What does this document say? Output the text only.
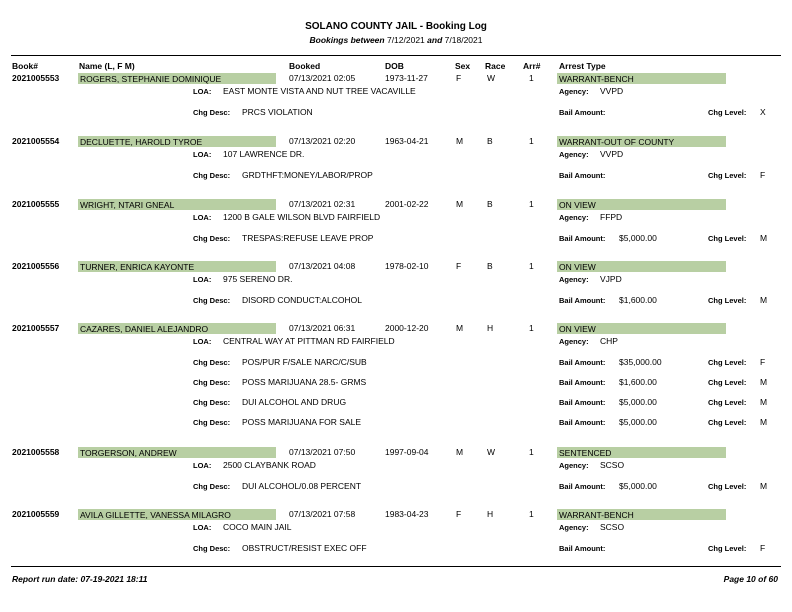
SOLANO COUNTY JAIL - Booking Log
Bookings between 7/12/2021 and 7/18/2021
Book#	Name (L, F M)	Booked	DOB	Sex Race Arr# Arrest Type
2021005553 ROGERS, STEPHANIE DOMINIQUE	07/13/2021 02:05	1973-11-27	F	W	1	WARRANT-BENCH
LOA: EAST MONTE VISTA AND NUT TREE VACAVILLE	Agency: VVPD
Chg Desc: PRCS VIOLATION	Bail Amount:	Chg Level: X
2021005554 DECLUETTE, HAROLD TYROE	07/13/2021 02:20	1963-04-21	M	B	1	WARRANT-OUT OF COUNTY
LOA: 107 LAWRENCE DR.	Agency: VVPD
Chg Desc: GRDTHFT:MONEY/LABOR/PROP	Bail Amount:	Chg Level: F
2021005555 WRIGHT, NTARI GNEAL	07/13/2021 02:31	2001-02-22	M	B	1	ON VIEW
LOA: 1200 B GALE WILSON BLVD FAIRFIELD	Agency: FFPD
Chg Desc: TRESPAS:REFUSE LEAVE PROP	Bail Amount: $5,000.00	Chg Level: M
2021005556 TURNER, ENRICA KAYONTE	07/13/2021 04:08	1978-02-10	F	B	1	ON VIEW
LOA: 975 SERENO DR.	Agency: VJPD
Chg Desc: DISORD CONDUCT:ALCOHOL	Bail Amount: $1,600.00	Chg Level: M
2021005557 CAZARES, DANIEL ALEJANDRO	07/13/2021 06:31	2000-12-20	M	H	1	ON VIEW
LOA: CENTRAL WAY AT PITTMAN RD FAIRFIELD	Agency: CHP
Chg Desc: POS/PUR F/SALE NARC/C/SUB	Bail Amount: $35,000.00	Chg Level: F
Chg Desc: POSS MARIJUANA 28.5- GRMS	Bail Amount: $1,600.00	Chg Level: M
Chg Desc: DUI ALCOHOL AND DRUG	Bail Amount: $5,000.00	Chg Level: M
Chg Desc: POSS MARIJUANA FOR SALE	Bail Amount: $5,000.00	Chg Level: M
2021005558 TORGERSON, ANDREW	07/13/2021 07:50	1997-09-04	M	W	1	SENTENCED
LOA: 2500 CLAYBANK ROAD	Agency: SCSO
Chg Desc: DUI ALCOHOL/0.08 PERCENT	Bail Amount: $5,000.00	Chg Level: M
2021005559 AVILA GILLETTE, VANESSA MILAGRO	07/13/2021 07:58	1983-04-23	F	H	1	WARRANT-BENCH
LOA: COCO MAIN JAIL	Agency: SCSO
Chg Desc: OBSTRUCT/RESIST EXEC OFF	Bail Amount:	Chg Level: F
Report run date: 07-19-2021 18:11	Page 10 of 60
